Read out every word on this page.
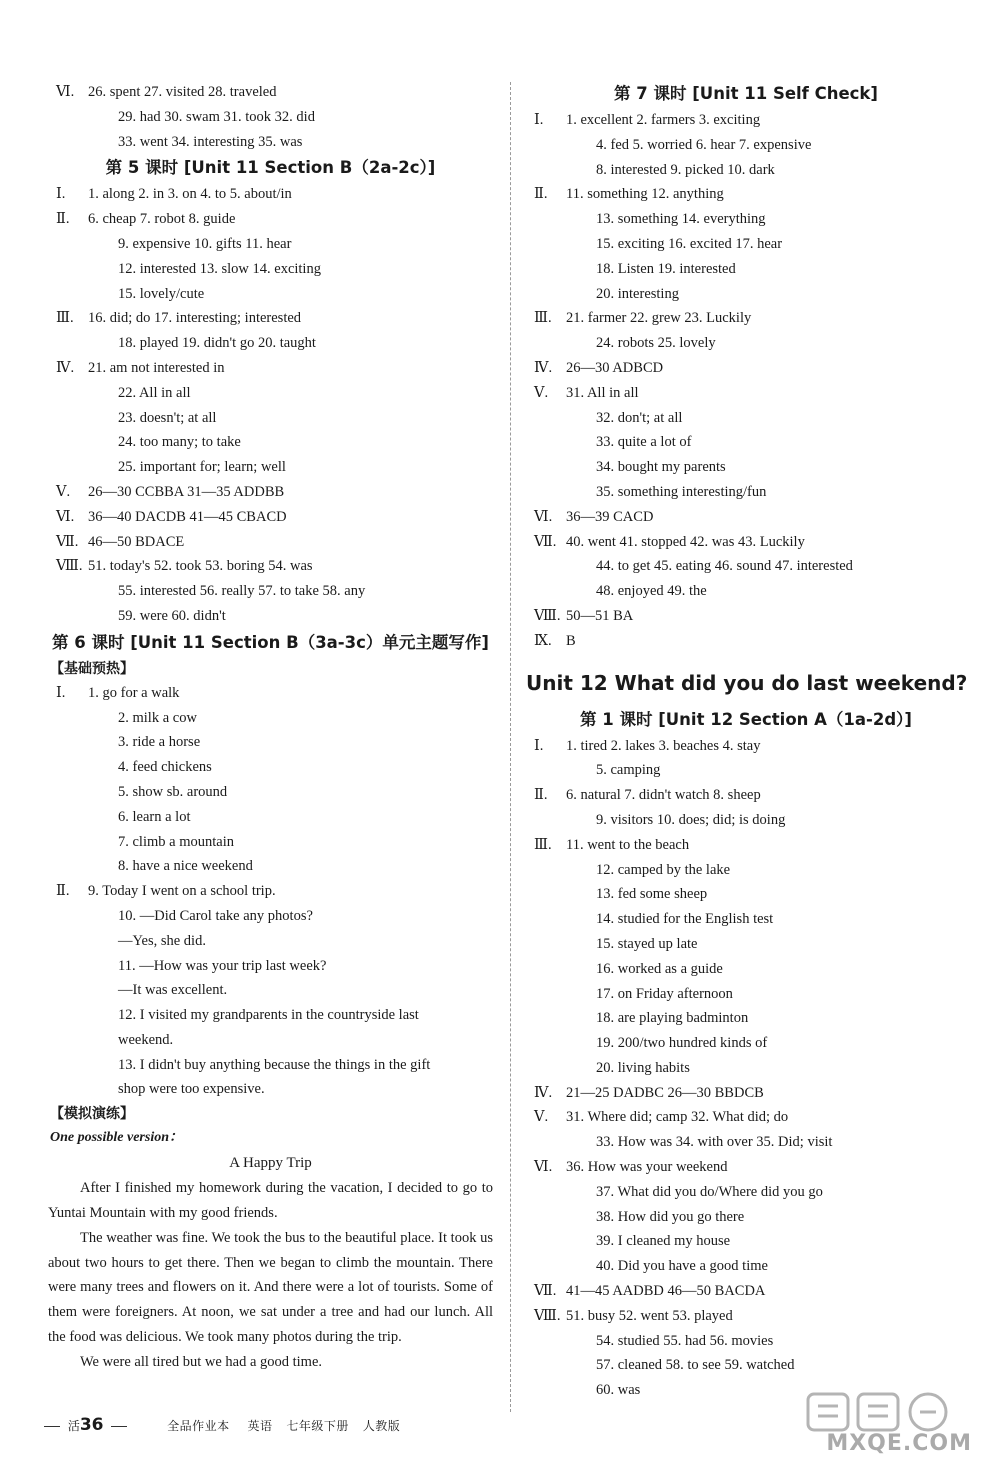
Ⅵ. 26. spent 27. visited 28. traveled
29. had 30. swam 31. took 32. did
33. went 34. interesting 35. was
第 5 课时 [Unit 11 Section B（2a-2c）]
Ⅰ. 1. along 2. in 3. on 4. to 5. about/in
Ⅱ. 6. cheap 7. robot 8. guide
9. expensive 10. gifts 11. hear
12. interested 13. slow 14. exciting
15. lovely/cute
Ⅲ. 16. did; do 17. interesting; interested
18. played 19. didn't go 20. taught
Ⅳ. 21. am not interested in
22. All in all
23. doesn't; at all
24. too many; to take
25. important for; learn; well
Ⅴ. 26—30 CCBBA 31—35 ADDBB
Ⅵ. 36—40 DACDB 41—45 CBACD
Ⅶ. 46—50 BDACE
Ⅷ. 51. today's 52. took 53. boring 54. was
55. interested 56. really 57. to take 58. any
59. were 60. didn't
第 6 课时 [Unit 11 Section B（3a-3c）单元主题写作]
【基础预热】
Ⅰ. 1. go for a walk
2. milk a cow
3. ride a horse
4. feed chickens
5. show sb. around
6. learn a lot
7. climb a mountain
8. have a nice weekend
Ⅱ. 9. Today I went on a school trip.
10. —Did Carol take any photos?
—Yes, she did.
11. —How was your trip last week?
—It was excellent.
12. I visited my grandparents in the countryside last
weekend.
13. I didn't buy anything because the things in the gift
shop were too expensive.
【模拟演练】
One possible version：
A Happy Trip

After I finished my homework during the vacation, I decided to go to Yuntai Mountain with my good friends.

The weather was fine. We took the bus to the beautiful place. It took us about two hours to get there. Then we began to climb the mountain. There were many trees and flowers on it. And there were a lot of tourists. Some of them were foreigners. At noon, we sat under a tree and had our lunch. All the food was delicious. We took many photos during the trip.

We were all tired but we had a good time.

第 7 课时 [Unit 11 Self Check]
Ⅰ. 1. excellent 2. farmers 3. exciting
4. fed 5. worried 6. hear 7. expensive
8. interested 9. picked 10. dark
Ⅱ. 11. something 12. anything
13. something 14. everything
15. exciting 16. excited 17. hear
18. Listen 19. interested
20. interesting
Ⅲ. 21. farmer 22. grew 23. Luckily
24. robots 25. lovely
Ⅳ. 26—30 ADBCD
Ⅴ. 31. All in all
32. don't; at all
33. quite a lot of
34. bought my parents
35. something interesting/fun
Ⅵ. 36—39 CACD
Ⅶ. 40. went 41. stopped 42. was 43. Luckily
44. to get 45. eating 46. sound 47. interested
48. enjoyed 49. the
Ⅷ. 50—51 BA
Ⅸ. B
Unit 12 What did you do last weekend?
第 1 课时 [Unit 12 Section A（1a-2d）]
Ⅰ. 1. tired 2. lakes 3. beaches 4. stay
5. camping
Ⅱ. 6. natural 7. didn't watch 8. sheep
9. visitors 10. does; did; is doing
Ⅲ. 11. went to the beach
12. camped by the lake
13. fed some sheep
14. studied for the English test
15. stayed up late
16. worked as a guide
17. on Friday afternoon
18. are playing badminton
19. 200/two hundred kinds of
20. living habits
Ⅳ. 21—25 DADBC 26—30 BBDCB
Ⅴ. 31. Where did; camp 32. What did; do
33. How was 34. with over 35. Did; visit
Ⅵ. 36. How was your weekend
37. What did you do/Where did you go
38. How did you go there
39. I cleaned my house
40. Did you have a good time
Ⅶ. 41—45 AADBD 46—50 BACDA
Ⅷ. 51. busy 52. went 53. played
54. studied 55. had 56. movies
57. cleaned 58. to see 59. watched
60. was
活36	全品作业本 英语 七年级下册 人教版
MXQE.COM
